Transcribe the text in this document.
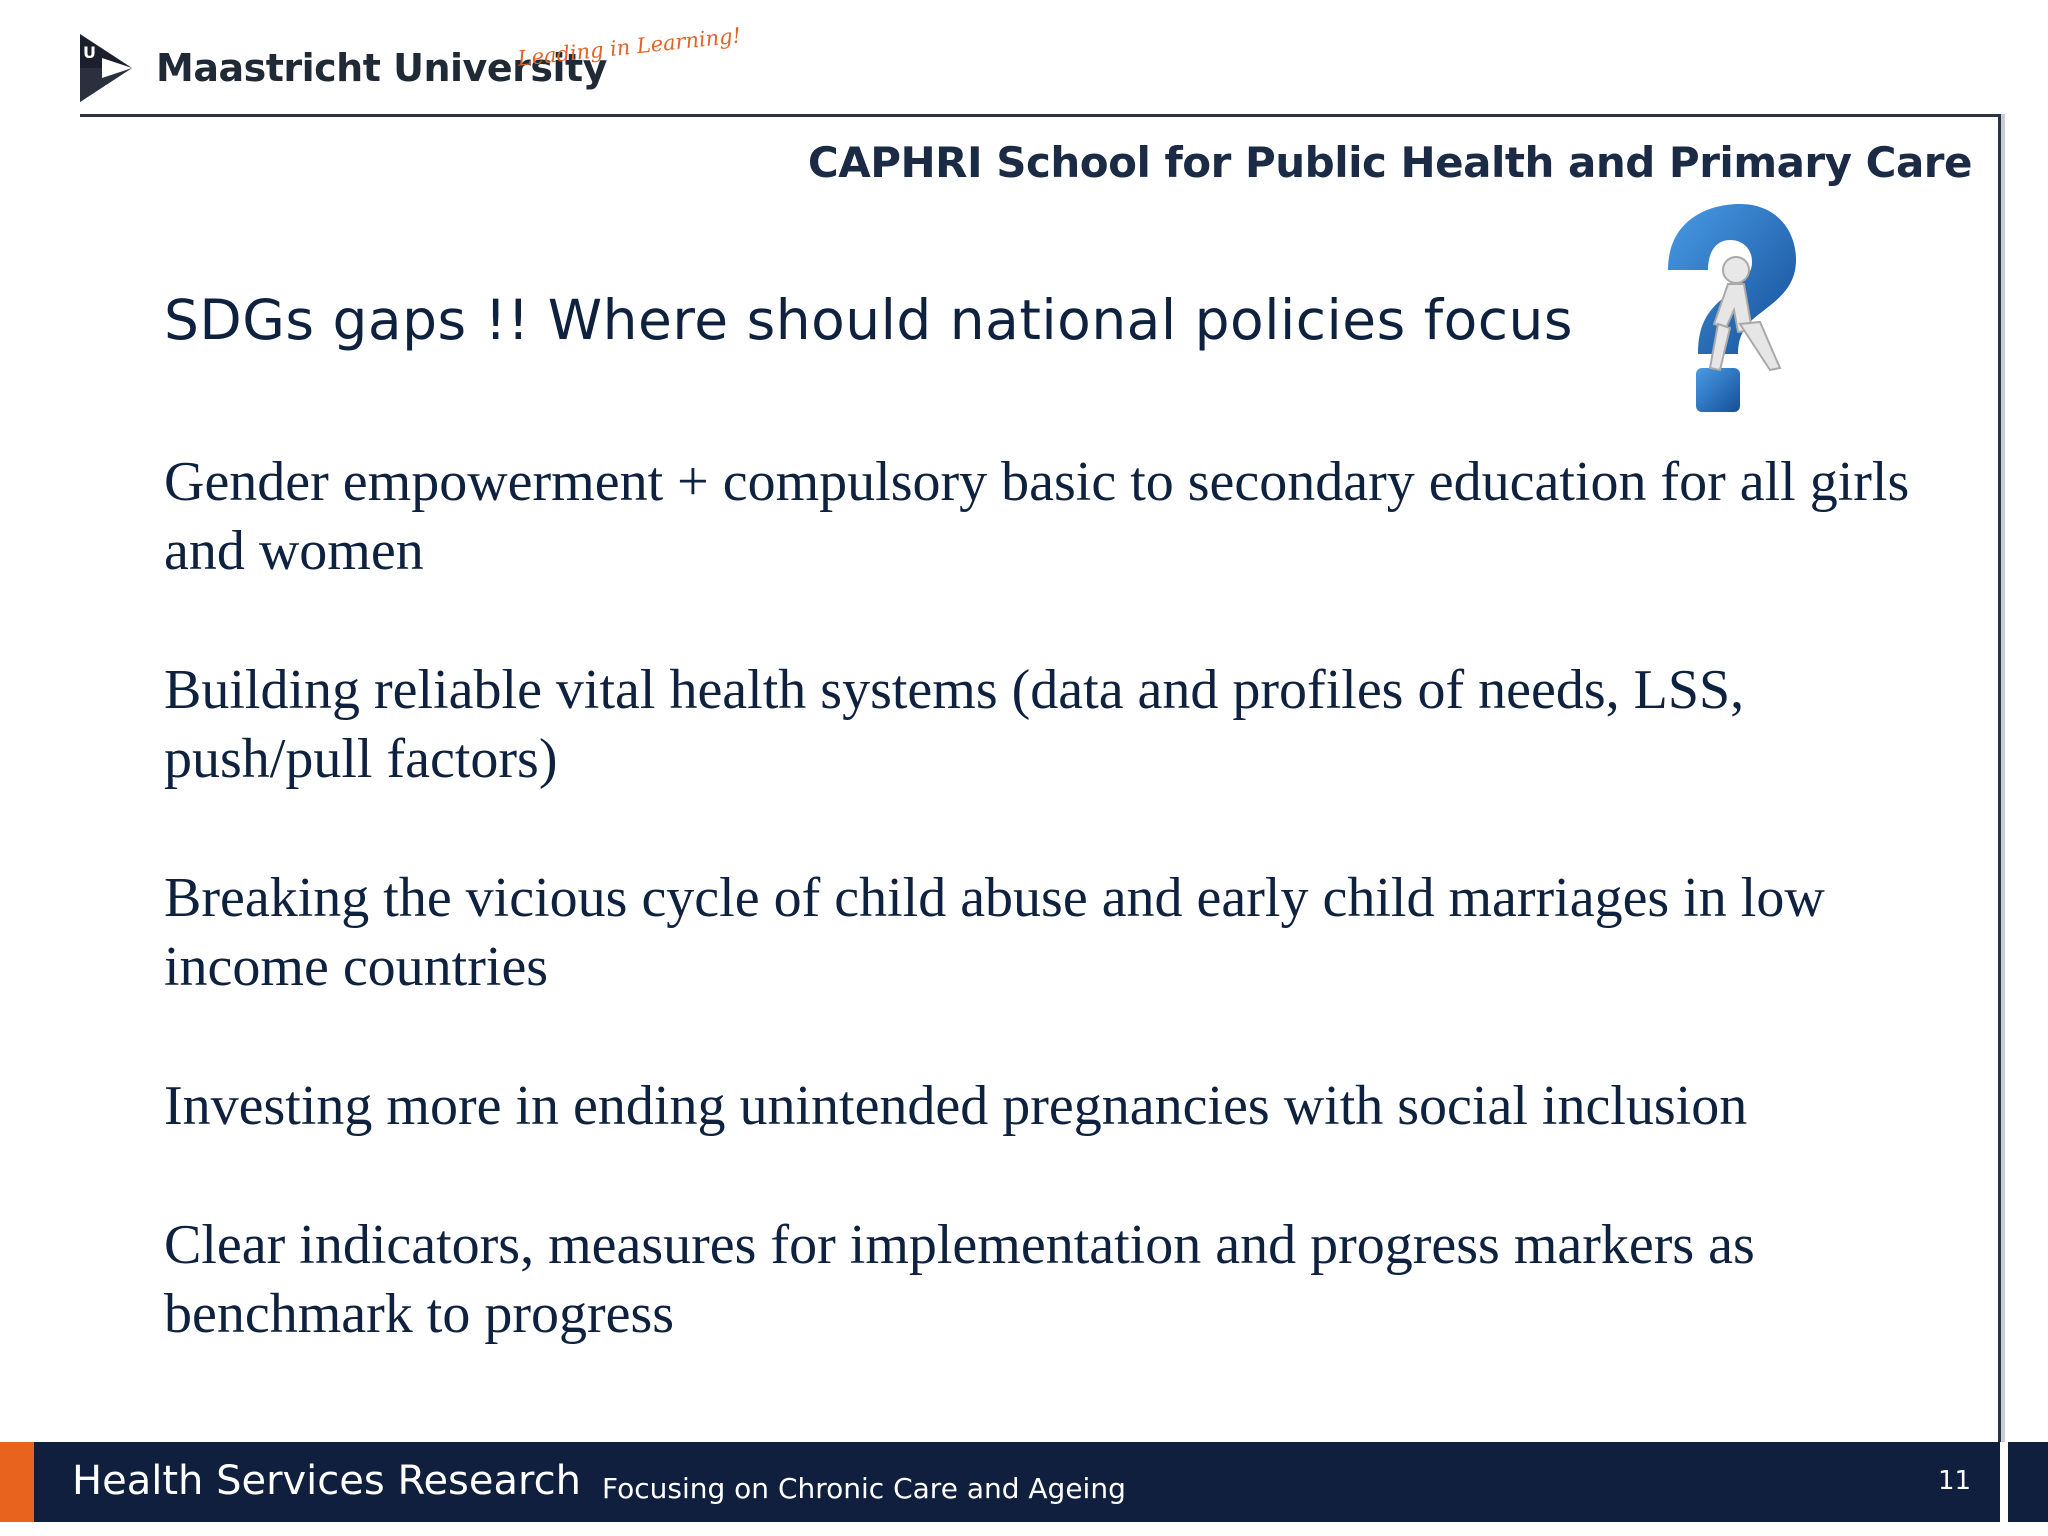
U
M
Maastricht University
Leading in Learning!
CAPHRI School for Public Health and Primary Care
SDGs gaps !! Where should national policies focus
Gender empowerment + compulsory basic to secondary education for all girls and women
Building reliable vital health systems (data and profiles of needs, LSS, push/pull factors)
Breaking the vicious cycle of child abuse and early child marriages in low income countries
Investing more in ending unintended pregnancies with social inclusion
Clear indicators, measures for implementation and progress markers as benchmark to progress
Health Services Research Focusing on Chronic Care and Ageing	11
